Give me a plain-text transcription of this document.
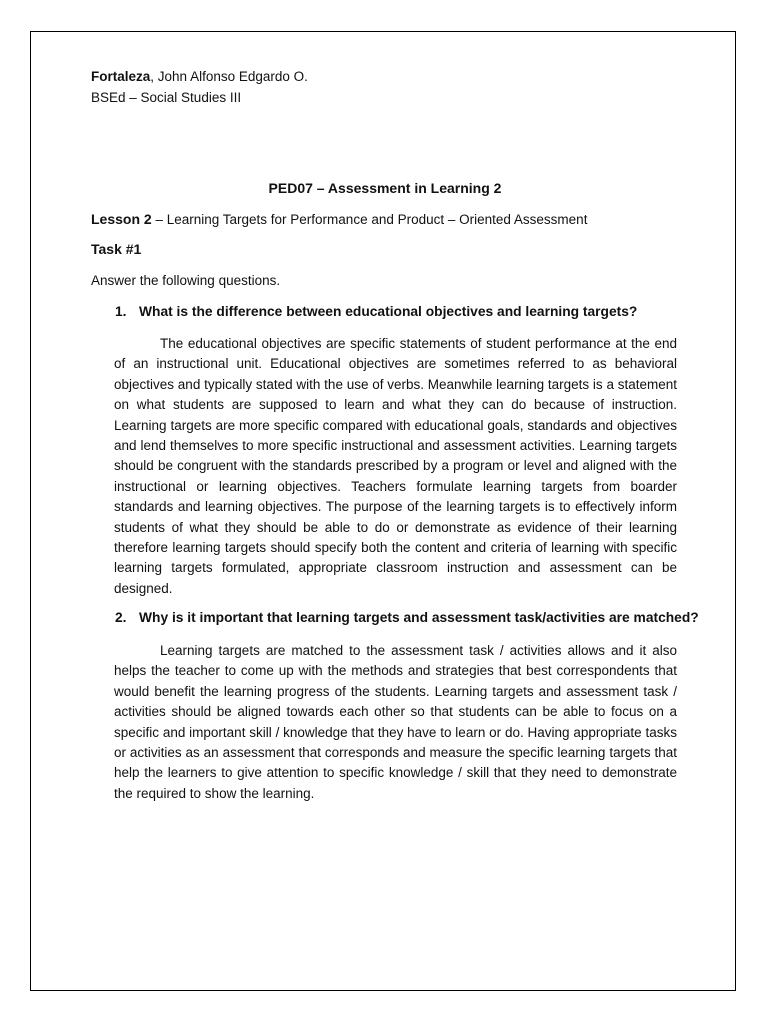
Fortaleza, John Alfonso Edgardo O.

BSEd – Social Studies III

PED07 – Assessment in Learning 2
Lesson 2 – Learning Targets for Performance and Product – Oriented Assessment
Task #1
Answer the following questions.
1. What is the difference between educational objectives and learning targets?

The educational objectives are specific statements of student performance at the end of an instructional unit. Educational objectives are sometimes referred to as behavioral objectives and typically stated with the use of verbs. Meanwhile learning targets is a statement on what students are supposed to learn and what they can do because of instruction. Learning targets are more specific compared with educational goals, standards and objectives and lend themselves to more specific instructional and assessment activities. Learning targets should be congruent with the standards prescribed by a program or level and aligned with the instructional or learning objectives. Teachers formulate learning targets from boarder standards and learning objectives. The purpose of the learning targets is to effectively inform students of what they should be able to do or demonstrate as evidence of their learning therefore learning targets should specify both the content and criteria of learning with specific learning targets formulated, appropriate classroom instruction and assessment can be designed.

2. Why is it important that learning targets and assessment task/activities are matched?

Learning targets are matched to the assessment task / activities allows and it also helps the teacher to come up with the methods and strategies that best correspondents that would benefit the learning progress of the students. Learning targets and assessment task / activities should be aligned towards each other so that students can be able to focus on a specific and important skill / knowledge that they have to learn or do. Having appropriate tasks or activities as an assessment that corresponds and measure the specific learning targets that help the learners to give attention to specific knowledge / skill that they need to demonstrate the required to show the learning.
